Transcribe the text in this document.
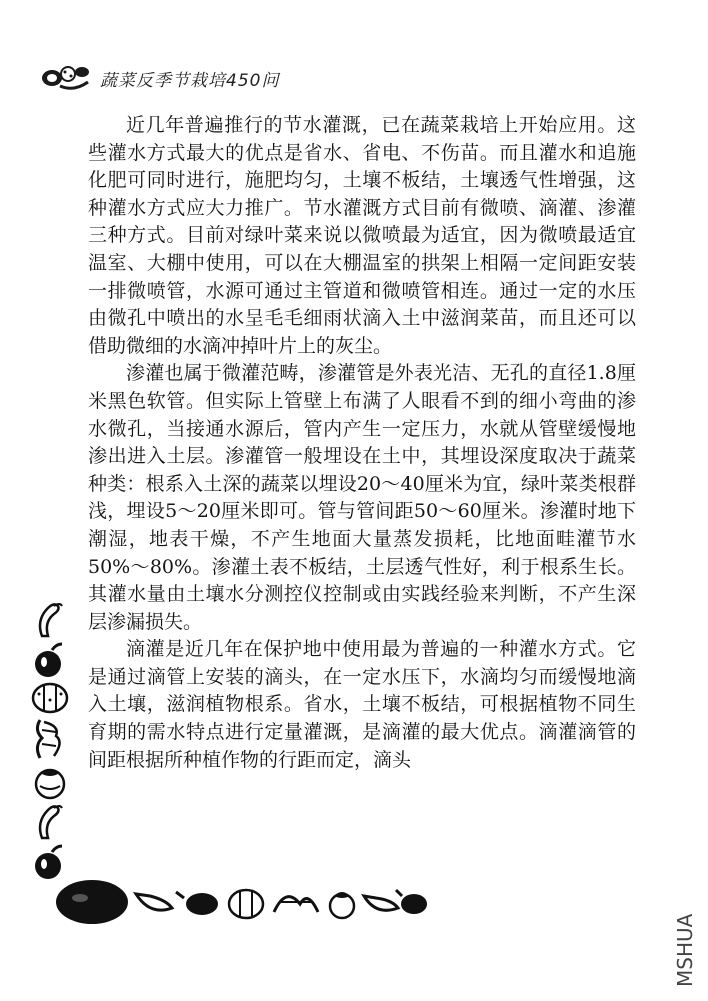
蔬菜反季节栽培450问

近几年普遍推行的节水灌溉，已在蔬菜栽培上开始应用。这些灌水方式最大的优点是省水、省电、不伤苗。而且灌水和追施化肥可同时进行，施肥均匀，土壤不板结，土壤透气性增强，这种灌水方式应大力推广。节水灌溉方式目前有微喷、滴灌、渗灌三种方式。目前对绿叶菜来说以微喷最为适宜，因为微喷最适宜温室、大棚中使用，可以在大棚温室的拱架上相隔一定间距安装一排微喷管，水源可通过主管道和微喷管相连。通过一定的水压由微孔中喷出的水呈毛毛细雨状滴入土中滋润菜苗，而且还可以借助微细的水滴冲掉叶片上的灰尘。

渗灌也属于微灌范畴，渗灌管是外表光洁、无孔的直径1.8厘米黑色软管。但实际上管壁上布满了人眼看不到的细小弯曲的渗水微孔，当接通水源后，管内产生一定压力，水就从管壁缓慢地渗出进入土层。渗灌管一般埋设在土中，其埋设深度取决于蔬菜种类：根系入土深的蔬菜以埋设20～40厘米为宜，绿叶菜类根群浅，埋设5～20厘米即可。管与管间距50～60厘米。渗灌时地下潮湿，地表干燥，不产生地面大量蒸发损耗，比地面畦灌节水50%～80%。渗灌土表不板结，土层透气性好，利于根系生长。其灌水量由土壤水分测控仪控制或由实践经验来判断，不产生深层渗漏损失。

滴灌是近几年在保护地中使用最为普遍的一种灌水方式。它是通过滴管上安装的滴头，在一定水压下，水滴均匀而缓慢地滴入土壤，滋润植物根系。省水，土壤不板结，可根据植物不同生育期的需水特点进行定量灌溉，是滴灌的最大优点。滴灌滴管的间距根据所种植作物的行距而定，滴头

MSHUA
